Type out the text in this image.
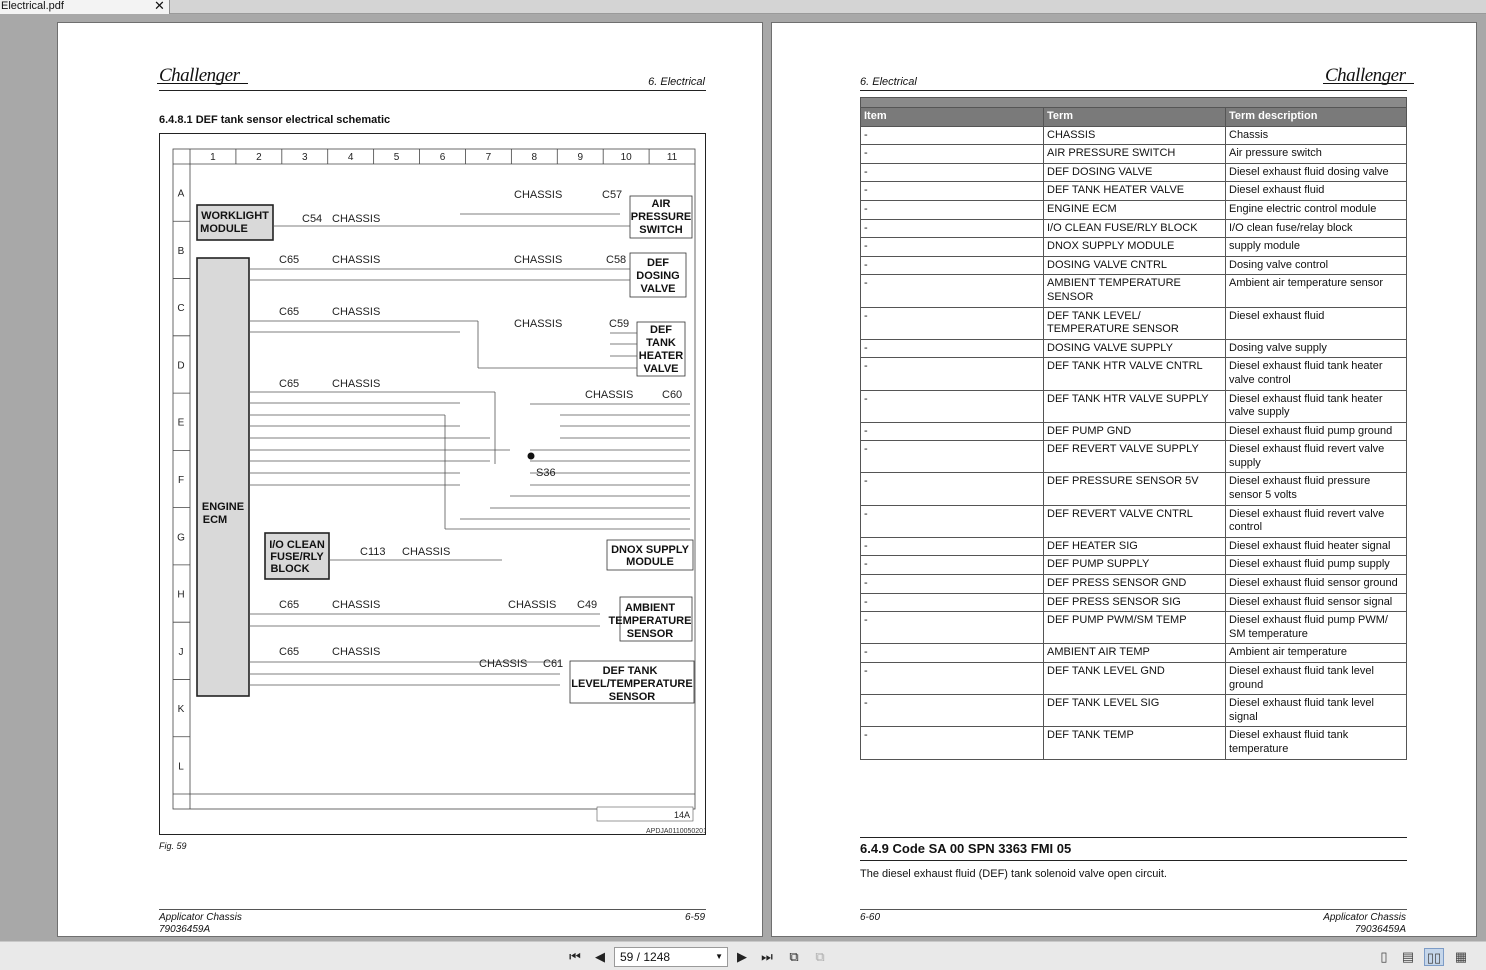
Electrical.pdf	✕
Challenger	6. Electrical
6.4.8.1 DEF tank sensor electrical schematic
1	2	3	4	5	6	7	8	9	10	11
A
B
C
D
E
F
G
H
J
K
L
WORKLIGHT
MODULE
ENGINE
ECM
I/O CLEAN
FUSE/RLY
BLOCK
AIR
PRESSURE
SWITCH
DEF
DOSING
VALVE
DEF
TANK
HEATER
VALVE
DNOX SUPPLY
MODULE
AMBIENT
TEMPERATURE
SENSOR
DEF TANK
LEVEL/TEMPERATURE
SENSOR
C54 CHASSIS
CHASSIS	C57
C65	CHASSIS	CHASSIS	C58
C65	CHASSIS
CHASSIS	C59
C65	CHASSIS
CHASSIS	C60
S36
C113 CHASSIS
C65	CHASSIS	CHASSIS C49
C65	CHASSIS
CHASSIS C61
14A
APDJA0110050201
Fig. 59
Applicator Chassis
79036459A
6-59
6. Electrical	Challenger

Item	Term	Term description
-	CHASSIS	Chassis
-	AIR PRESSURE SWITCH	Air pressure switch
-	DEF DOSING VALVE	Diesel exhaust fluid dosing valve
-	DEF TANK HEATER VALVE	Diesel exhaust fluid
-	ENGINE ECM	Engine electric control module
-	I/O CLEAN FUSE/RLY BLOCK	I/O clean fuse/relay block
-	DNOX SUPPLY MODULE	supply module
-	DOSING VALVE CNTRL	Dosing valve control
-	AMBIENT TEMPERATURE SENSOR	Ambient air temperature sensor
-	DEF TANK LEVEL/ TEMPERATURE SENSOR	Diesel exhaust fluid
-	DOSING VALVE SUPPLY	Dosing valve supply
-	DEF TANK HTR VALVE CNTRL	Diesel exhaust fluid tank heater valve control
-	DEF TANK HTR VALVE SUPPLY	Diesel exhaust fluid tank heater valve supply
-	DEF PUMP GND	Diesel exhaust fluid pump ground
-	DEF REVERT VALVE SUPPLY	Diesel exhaust fluid revert valve supply
-	DEF PRESSURE SENSOR 5V	Diesel exhaust fluid pressure sensor 5 volts
-	DEF REVERT VALVE CNTRL	Diesel exhaust fluid revert valve control
-	DEF HEATER SIG	Diesel exhaust fluid heater signal
-	DEF PUMP SUPPLY	Diesel exhaust fluid pump supply
-	DEF PRESS SENSOR GND	Diesel exhaust fluid sensor ground
-	DEF PRESS SENSOR SIG	Diesel exhaust fluid sensor signal
-	DEF PUMP PWM/SM TEMP	Diesel exhaust fluid pump PWM/ SM temperature
-	AMBIENT AIR TEMP	Ambient air temperature
-	DEF TANK LEVEL GND	Diesel exhaust fluid tank level ground
-	DEF TANK LEVEL SIG	Diesel exhaust fluid tank level signal
-	DEF TANK TEMP	Diesel exhaust fluid tank temperature
6.4.9 Code SA 00 SPN 3363 FMI 05
The diesel exhaust fluid (DEF) tank solenoid valve open circuit.
6-60	Applicator Chassis
79036459A
⏮	◀	59 / 1248	▼	▶	⏭	⧉	⧉	▯	▤ ▯▯ ▦
